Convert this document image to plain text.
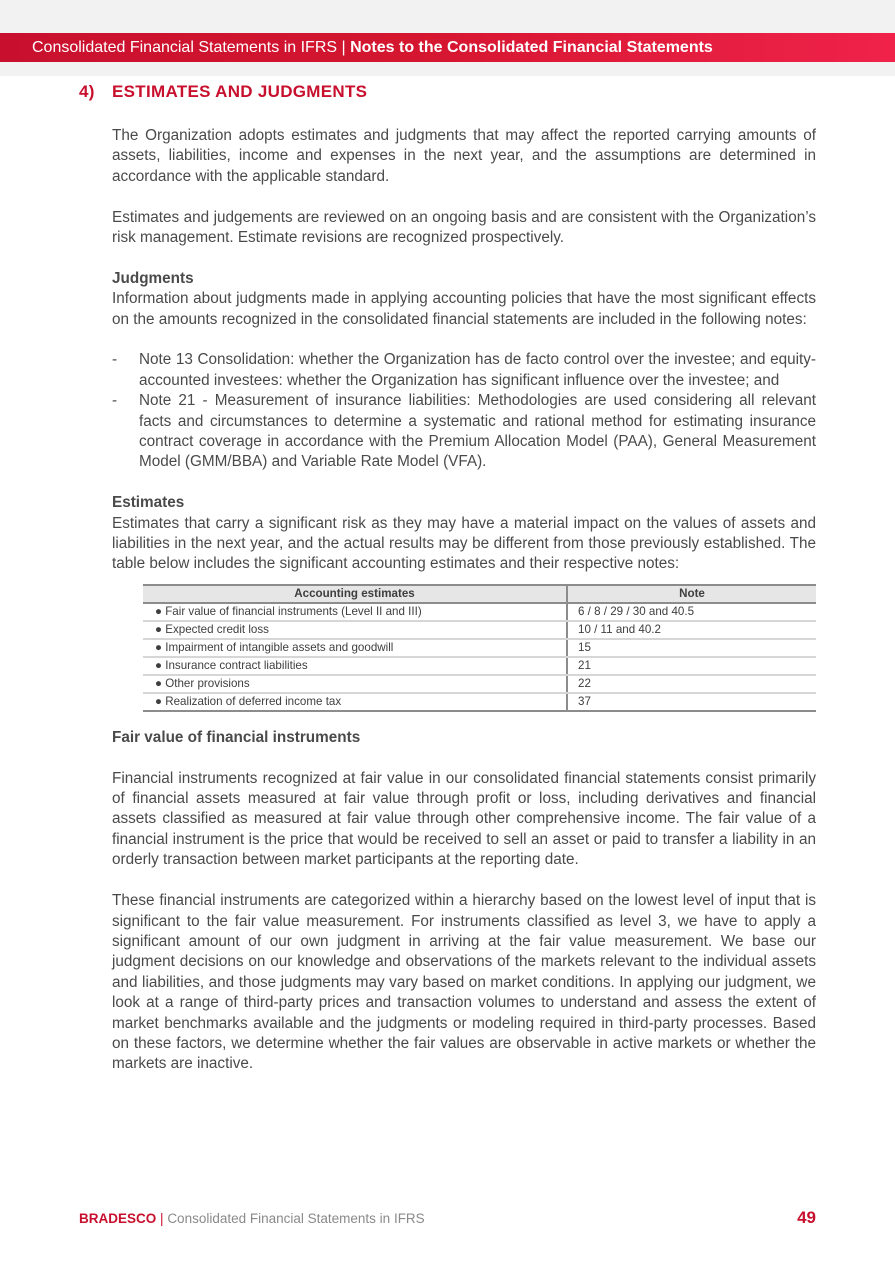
Consolidated Financial Statements in IFRS | Notes to the Consolidated Financial Statements
4) ESTIMATES AND JUDGMENTS

The Organization adopts estimates and judgments that may affect the reported carrying amounts of assets, liabilities, income and expenses in the next year, and the assumptions are determined in accordance with the applicable standard.

Estimates and judgements are reviewed on an ongoing basis and are consistent with the Organization’s risk management. Estimate revisions are recognized prospectively.

Judgments

Information about judgments made in applying accounting policies that have the most significant effects on the amounts recognized in the consolidated financial statements are included in the following notes:

- Note 13 Consolidation: whether the Organization has de facto control over the investee; and equity-accounted investees: whether the Organization has significant influence over the investee; and
- Note 21 - Measurement of insurance liabilities: Methodologies are used considering all relevant facts and circumstances to determine a systematic and rational method for estimating insurance contract coverage in accordance with the Premium Allocation Model (PAA), General Measurement Model (GMM/BBA) and Variable Rate Model (VFA).

Estimates

Estimates that carry a significant risk as they may have a material impact on the values of assets and liabilities in the next year, and the actual results may be different from those previously established. The table below includes the significant accounting estimates and their respective notes:

Accounting estimates	Note
● Fair value of financial instruments (Level II and III)	6 / 8 / 29 / 30 and 40.5
● Expected credit loss	10 / 11 and 40.2
● Impairment of intangible assets and goodwill	15
● Insurance contract liabilities	21
● Other provisions	22
● Realization of deferred income tax	37

Fair value of financial instruments

Financial instruments recognized at fair value in our consolidated financial statements consist primarily of financial assets measured at fair value through profit or loss, including derivatives and financial assets classified as measured at fair value through other comprehensive income. The fair value of a financial instrument is the price that would be received to sell an asset or paid to transfer a liability in an orderly transaction between market participants at the reporting date.

These financial instruments are categorized within a hierarchy based on the lowest level of input that is significant to the fair value measurement. For instruments classified as level 3, we have to apply a significant amount of our own judgment in arriving at the fair value measurement. We base our judgment decisions on our knowledge and observations of the markets relevant to the individual assets and liabilities, and those judgments may vary based on market conditions. In applying our judgment, we look at a range of third-party prices and transaction volumes to understand and assess the extent of market benchmarks available and the judgments or modeling required in third-party processes. Based on these factors, we determine whether the fair values are observable in active markets or whether the markets are inactive.

BRADESCO | Consolidated Financial Statements in IFRS	49
